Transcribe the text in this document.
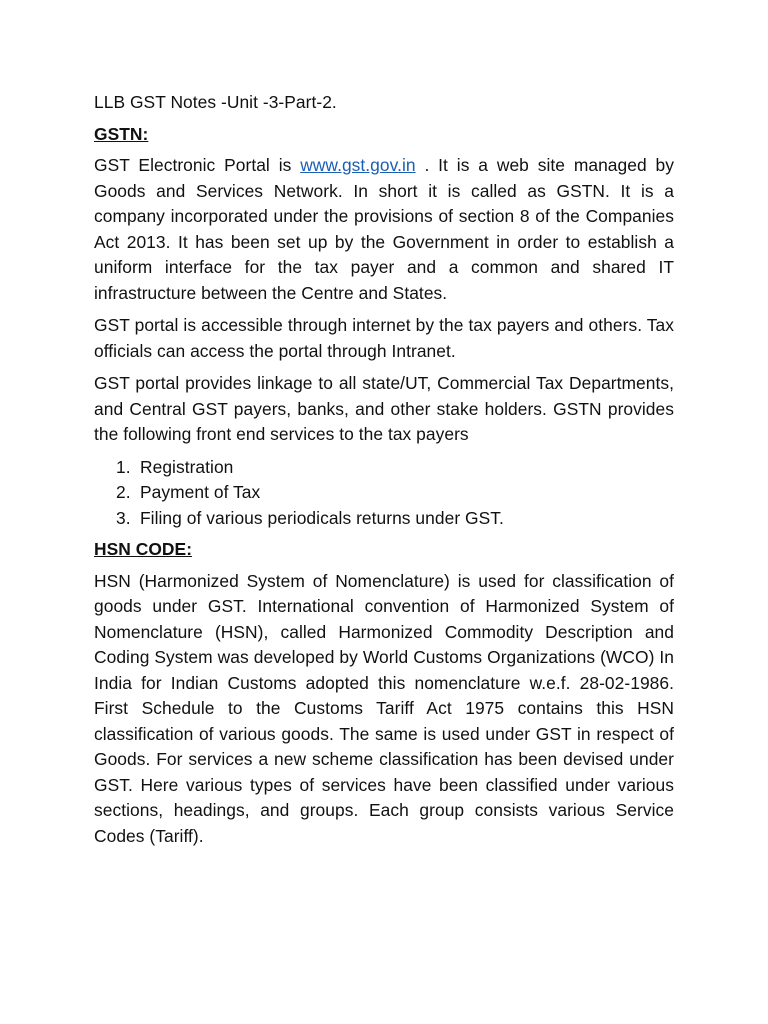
LLB GST Notes -Unit -3-Part-2.

GSTN:

GST Electronic Portal is www.gst.gov.in . It is a web site managed by Goods and Services Network. In short it is called as GSTN. It is a company incorporated under the provisions of section 8 of the Companies Act 2013. It has been set up by the Government in order to establish a uniform interface for the tax payer and a common and shared IT infrastructure between the Centre and States.

GST portal is accessible through internet by the tax payers and others. Tax officials can access the portal through Intranet.

GST portal provides linkage to all state/UT, Commercial Tax Departments, and Central GST payers, banks, and other stake holders. GSTN provides the following front end services to the tax payers

1. Registration
2. Payment of Tax
3. Filing of various periodicals returns under GST.

HSN CODE:

HSN (Harmonized System of Nomenclature) is used for classification of goods under GST. International convention of Harmonized System of Nomenclature (HSN), called Harmonized Commodity Description and Coding System was developed by World Customs Organizations (WCO) In India for Indian Customs adopted this nomenclature w.e.f. 28-02-1986. First Schedule to the Customs Tariff Act 1975 contains this HSN classification of various goods. The same is used under GST in respect of Goods. For services a new scheme classification has been devised under GST. Here various types of services have been classified under various sections, headings, and groups. Each group consists various Service Codes (Tariff).
